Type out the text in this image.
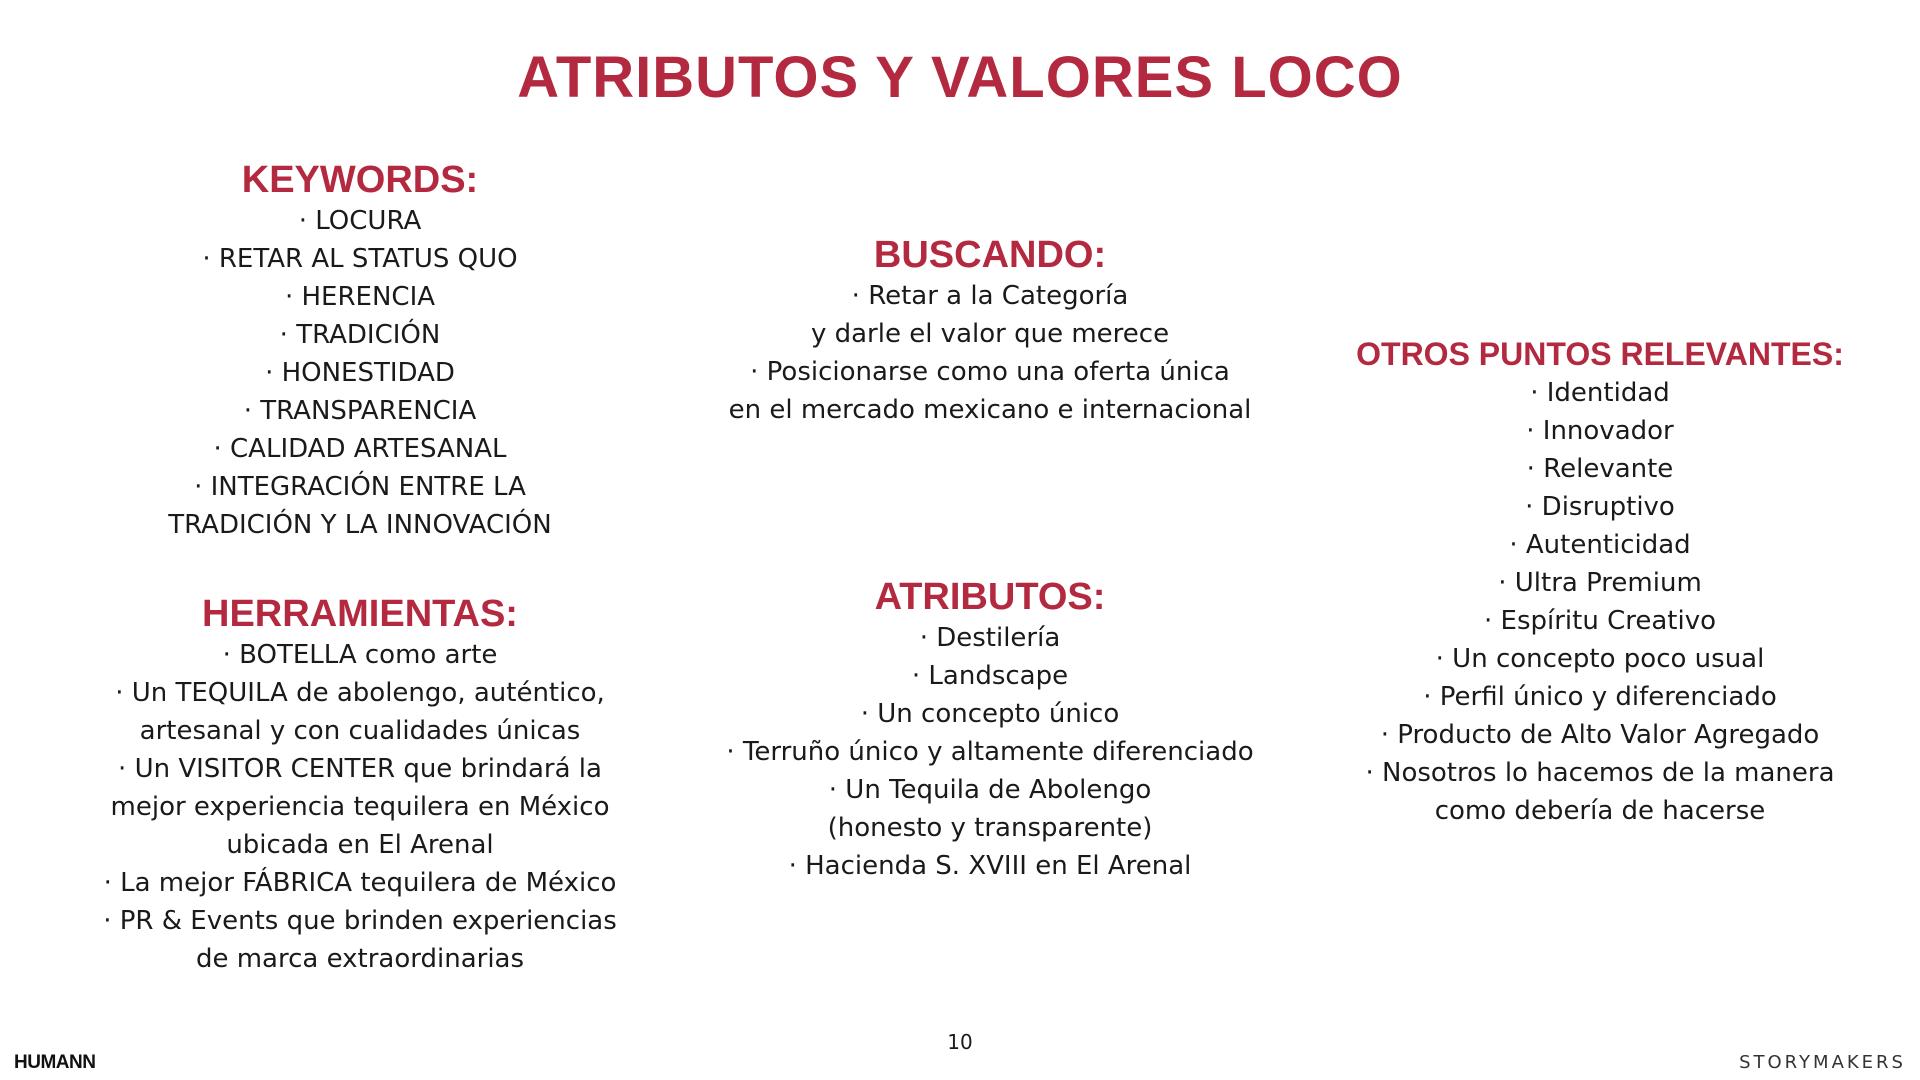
ATRIBUTOS Y VALORES LOCO
KEYWORDS:
· LOCURA
· RETAR AL STATUS QUO
· HERENCIA
· TRADICIÓN
· HONESTIDAD
· TRANSPARENCIA
· CALIDAD ARTESANAL
· INTEGRACIÓN ENTRE LA
TRADICIÓN Y LA INNOVACIÓN
HERRAMIENTAS:
· BOTELLA como arte
· Un TEQUILA de abolengo, auténtico,
artesanal y con cualidades únicas
· Un VISITOR CENTER que brindará la
mejor experiencia tequilera en México
ubicada en El Arenal
· La mejor FÁBRICA tequilera de México
· PR & Events que brinden experiencias
de marca extraordinarias
BUSCANDO:
· Retar a la Categoría
y darle el valor que merece
· Posicionarse como una oferta única
en el mercado mexicano e internacional
ATRIBUTOS:
· Destilería
· Landscape
· Un concepto único
· Terruño único y altamente diferenciado
· Un Tequila de Abolengo
(honesto y transparente)
· Hacienda S. XVIII en El Arenal
OTROS PUNTOS RELEVANTES:
· Identidad
· Innovador
· Relevante
· Disruptivo
· Autenticidad
· Ultra Premium
· Espíritu Creativo
· Un concepto poco usual
· Perfil único y diferenciado
· Producto de Alto Valor Agregado
· Nosotros lo hacemos de la manera
como debería de hacerse
10
HUMANN	STORYMAKERS
